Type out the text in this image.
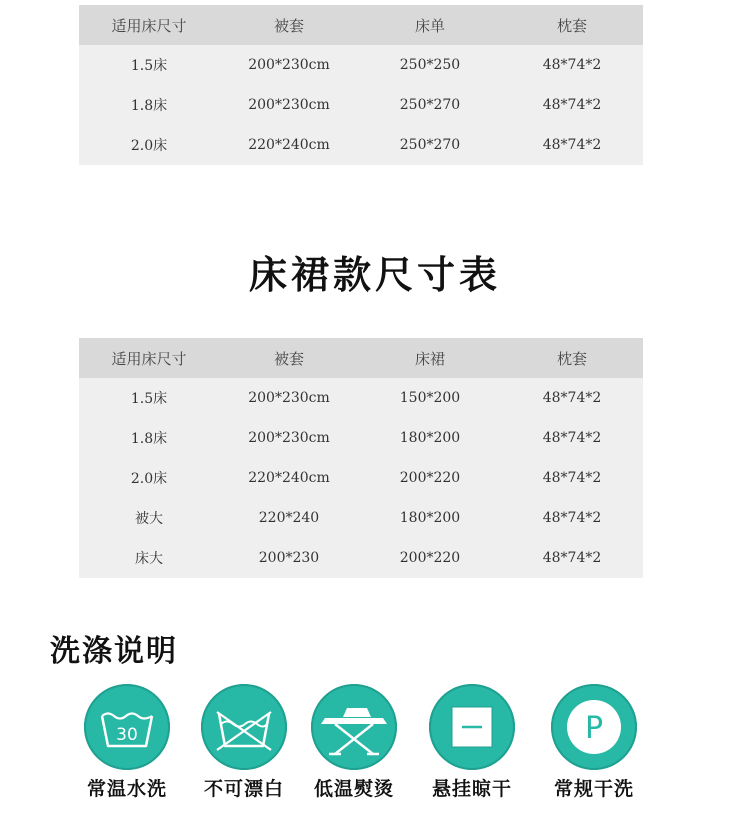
适用床尺寸	被套	床单	枕套
1.5床	200*230cm	250*250	48*74*2
1.8床	200*230cm	250*270	48*74*2
2.0床	220*240cm	250*270	48*74*2
床裙款尺寸表
适用床尺寸	被套	床裙	枕套
1.5床	200*230cm	150*200	48*74*2
1.8床	200*230cm	180*200	48*74*2
2.0床	220*240cm	200*220	48*74*2
被大	220*240	180*200	48*74*2
床大	200*230	200*220	48*74*2
洗涤说明
30
常温水洗	不可漂白	低温熨烫	悬挂晾干
P
常规干洗
